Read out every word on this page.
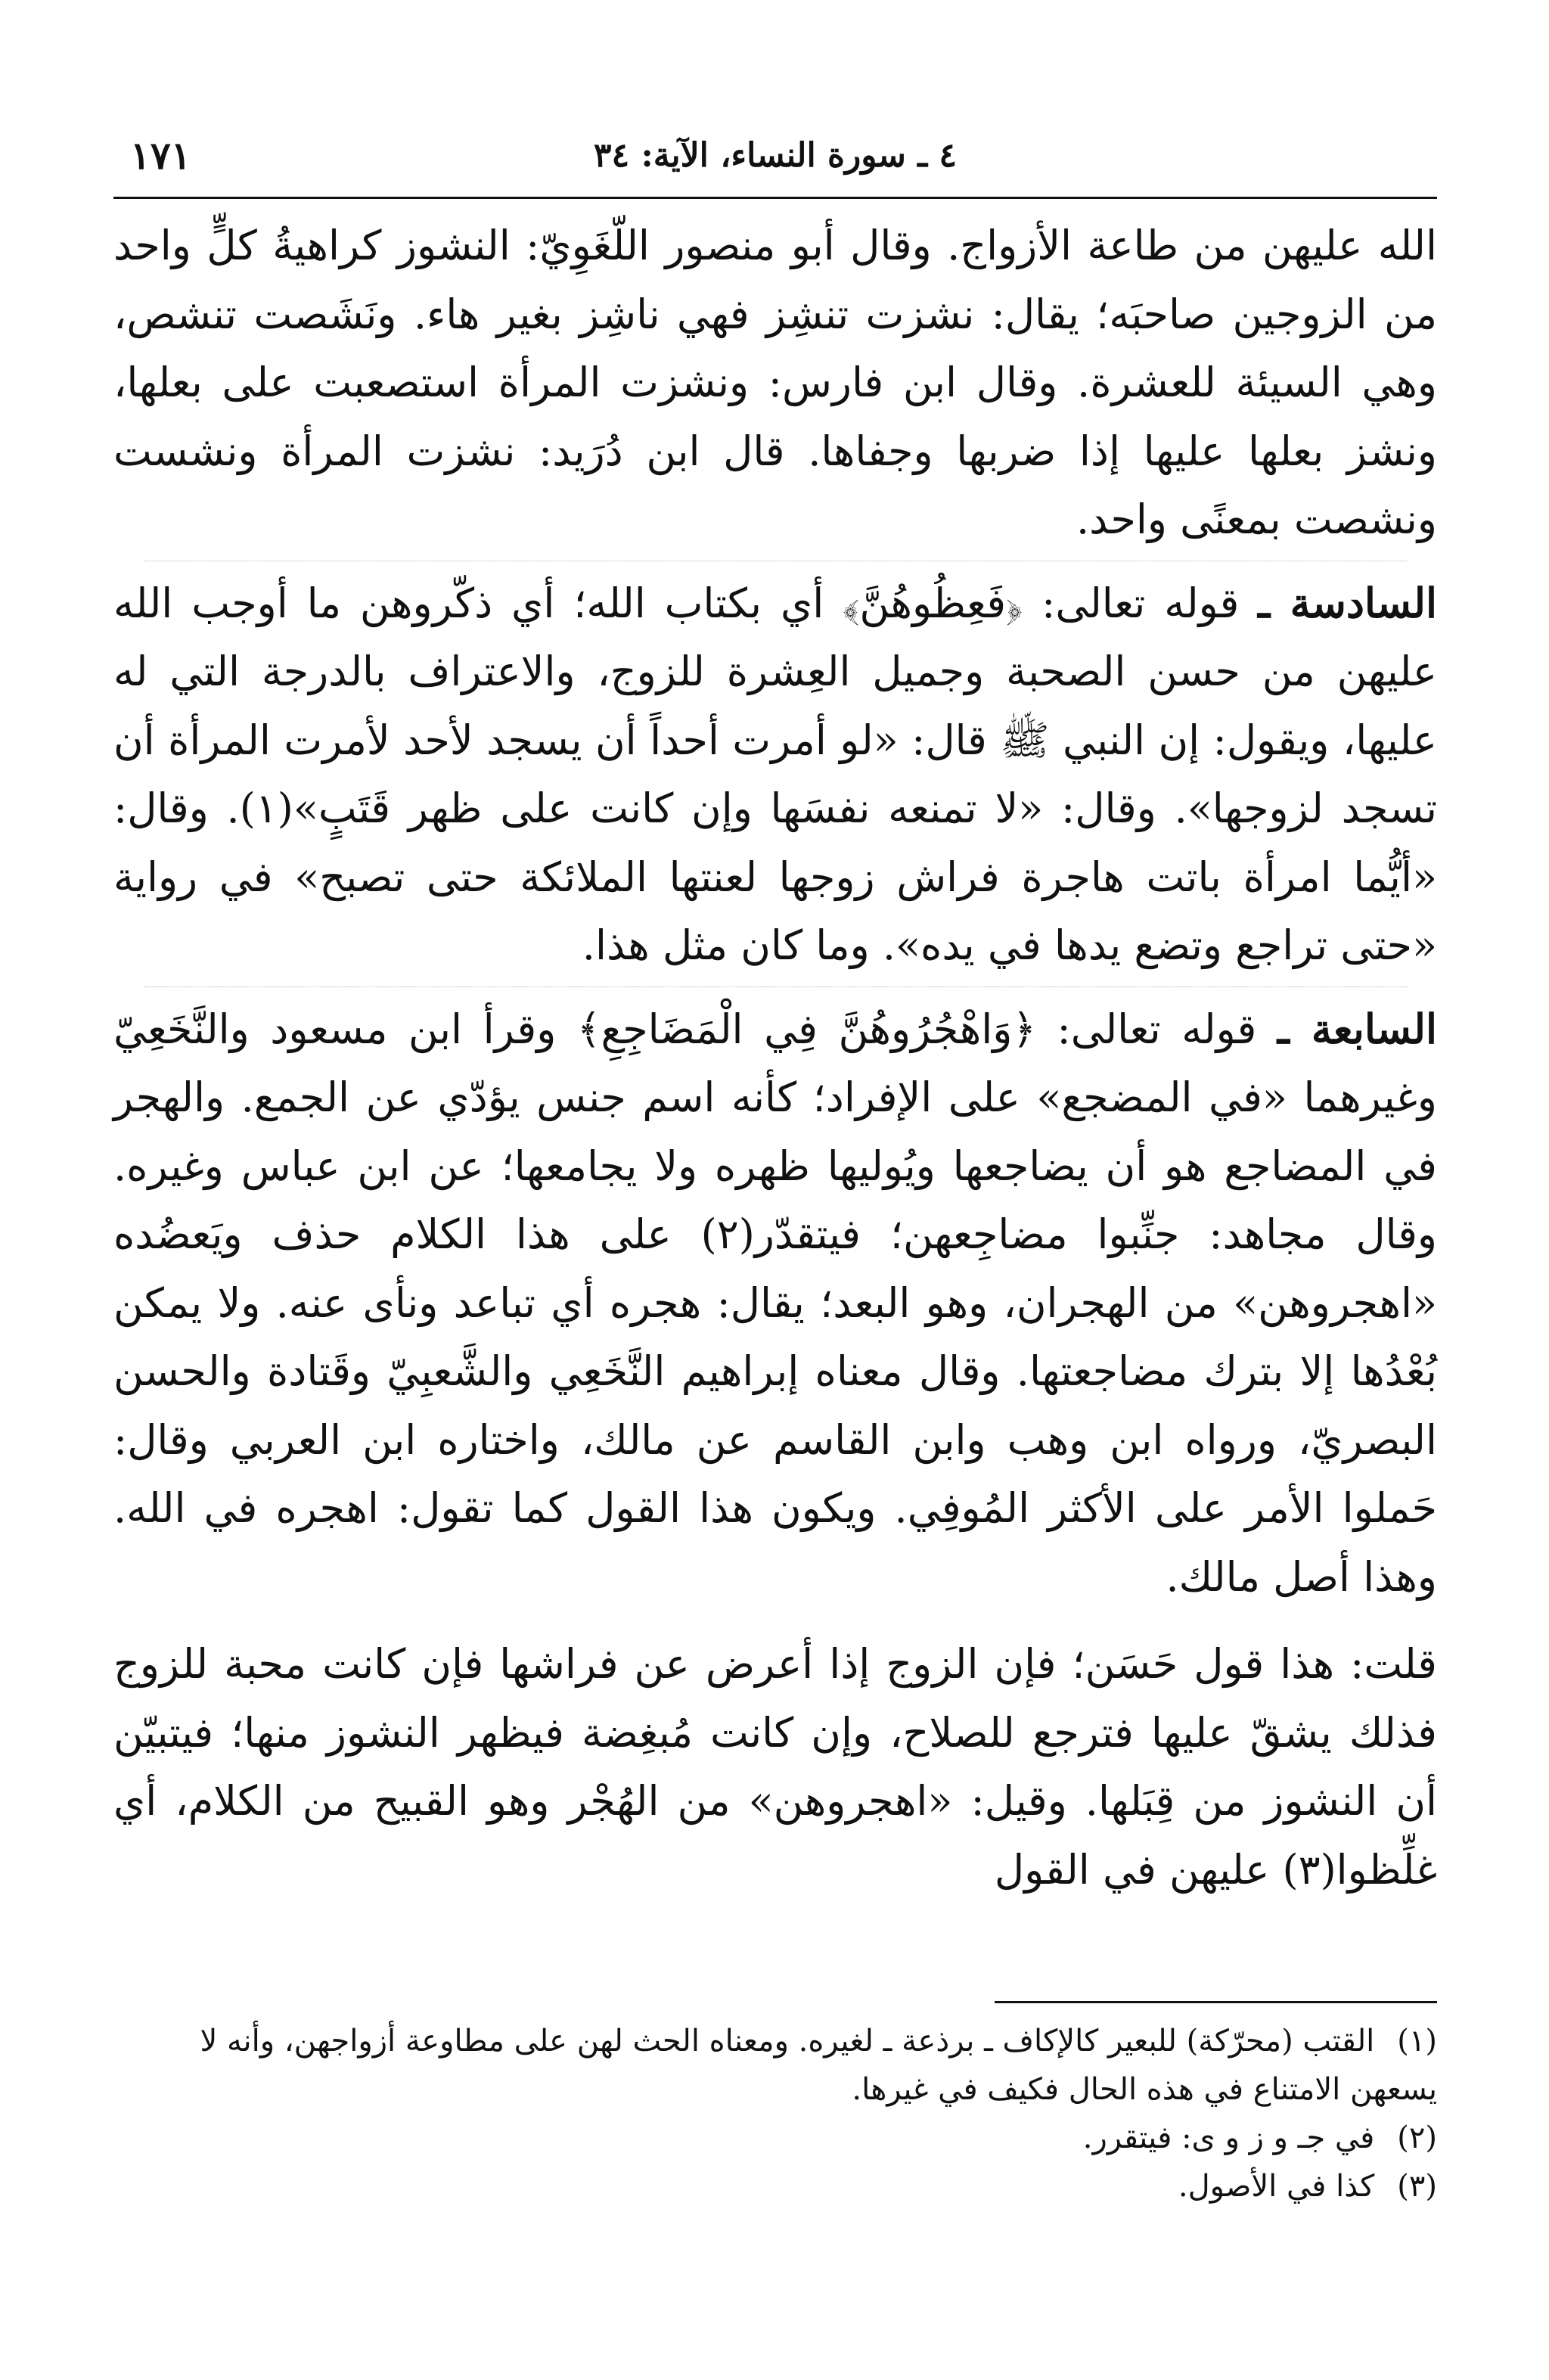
١٧١	٤ ـ سورة النساء، الآية: ٣٤

الله عليهن من طاعة الأزواج. وقال أبو منصور اللّغَوِيّ: النشوز كراهيةُ كلٍّ واحد من الزوجين صاحبَه؛ يقال: نشزت تنشِز فهي ناشِز بغير هاء. ونَشَصت تنشص، وهي السيئة للعشرة. وقال ابن فارس: ونشزت المرأة استصعبت على بعلها، ونشز بعلها عليها إذا ضربها وجفاها. قال ابن دُرَيد: نشزت المرأة ونشست ونشصت بمعنًى واحد.

السادسة ـ قوله تعالى: ﴿فَعِظُوهُنَّ﴾ أي بكتاب الله؛ أي ذكّروهن ما أوجب الله عليهن من حسن الصحبة وجميل العِشرة للزوج، والاعتراف بالدرجة التي له عليها، ويقول: إن النبي ﷺ قال: «لو أمرت أحداً أن يسجد لأحد لأمرت المرأة أن تسجد لزوجها». وقال: «لا تمنعه نفسَها وإن كانت على ظهر قَتَبٍ»(١). وقال: «أيُّما امرأة باتت هاجرة فراش زوجها لعنتها الملائكة حتى تصبح» في رواية «حتى تراجع وتضع يدها في يده». وما كان مثل هذا.

السابعة ـ قوله تعالى: ﴿وَاهْجُرُوهُنَّ فِي الْمَضَاجِعِ﴾ وقرأ ابن مسعود والنَّخَعِيّ وغيرهما «في المضجع» على الإفراد؛ كأنه اسم جنس يؤدّي عن الجمع. والهجر في المضاجع هو أن يضاجعها ويُوليها ظهره ولا يجامعها؛ عن ابن عباس وغيره. وقال مجاهد: جنِّبوا مضاجِعهن؛ فيتقدّر(٢) على هذا الكلام حذف ويَعضُده «اهجروهن» من الهجران، وهو البعد؛ يقال: هجره أي تباعد ونأى عنه. ولا يمكن بُعْدُها إلا بترك مضاجعتها. وقال معناه إبراهيم النَّخَعِي والشَّعبِيّ وقَتادة والحسن البصريّ، ورواه ابن وهب وابن القاسم عن مالك، واختاره ابن العربي وقال: حَملوا الأمر على الأكثر المُوفِي. ويكون هذا القول كما تقول: اهجره في الله. وهذا أصل مالك.

قلت: هذا قول حَسَن؛ فإن الزوج إذا أعرض عن فراشها فإن كانت محبة للزوج فذلك يشقّ عليها فترجع للصلاح، وإن كانت مُبغِضة فيظهر النشوز منها؛ فيتبيّن أن النشوز من قِبَلها. وقيل: «اهجروهن» من الهُجْر وهو القبيح من الكلام، أي غلِّظوا(٣) عليهن في القول

(١) القتب (محرّكة) للبعير كالإكاف ـ برذعة ـ لغيره. ومعناه الحث لهن على مطاوعة أزواجهن، وأنه لا يسعهن الامتناع في هذه الحال فكيف في غيرها.

(٢) في جـ و ز و ى: فيتقرر.

(٣) كذا في الأصول.
